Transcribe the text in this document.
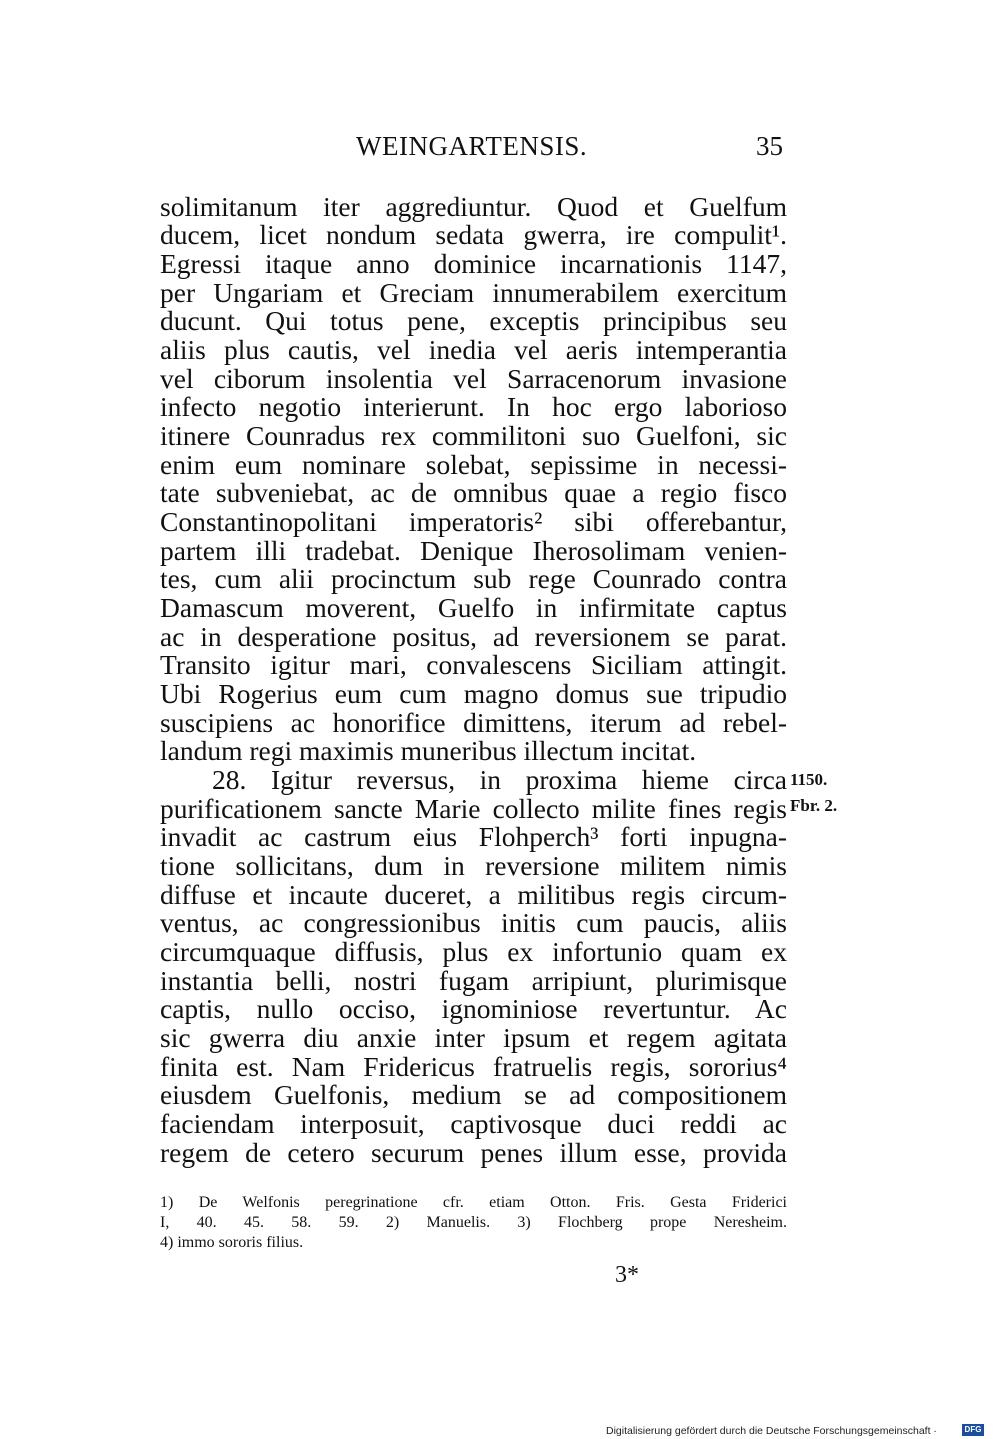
WEINGARTENSIS.	35
solimitanum iter aggrediuntur. Quod et Guelfum
ducem, licet nondum sedata gwerra, ire compulit¹.
Egressi itaque anno dominice incarnationis 1147,
per Ungariam et Greciam innumerabilem exercitum
ducunt. Qui totus pene, exceptis principibus seu
aliis plus cautis, vel inedia vel aeris intemperantia
vel ciborum insolentia vel Sarracenorum invasione
infecto negotio interierunt. In hoc ergo laborioso
itinere Counradus rex commilitoni suo Guelfoni, sic
enim eum nominare solebat, sepissime in necessi-
tate subveniebat, ac de omnibus quae a regio fisco
Constantinopolitani imperatoris² sibi offerebantur,
partem illi tradebat. Denique Iherosolimam venien-
tes, cum alii procinctum sub rege Counrado contra
Damascum moverent, Guelfo in infirmitate captus
ac in desperatione positus, ad reversionem se parat.
Transito igitur mari, convalescens Siciliam attingit.
Ubi Rogerius eum cum magno domus sue tripudio
suscipiens ac honorifice dimittens, iterum ad rebel-
landum regi maximis muneribus illectum incitat.
28. Igitur reversus, in proxima hieme circa
purificationem sancte Marie collecto milite fines regis
invadit ac castrum eius Flohperch³ forti inpugna-
tione sollicitans, dum in reversione militem nimis
diffuse et incaute duceret, a militibus regis circum-
ventus, ac congressionibus initis cum paucis, aliis
circumquaque diffusis, plus ex infortunio quam ex
instantia belli, nostri fugam arripiunt, plurimisque
captis, nullo occiso, ignominiose revertuntur. Ac
sic gwerra diu anxie inter ipsum et regem agitata
finita est. Nam Fridericus fratruelis regis, sororius⁴
eiusdem Guelfonis, medium se ad compositionem
faciendam interposuit, captivosque duci reddi ac
regem de cetero securum penes illum esse, provida
1150.
Fbr. 2.
1) De Welfonis peregrinatione cfr. etiam Otton. Fris. Gesta Friderici
I, 40. 45. 58. 59. 2) Manuelis. 3) Flochberg prope Neresheim.
4) immo sororis filius.
3*
Digitalisierung gefördert durch die Deutsche Forschungsgemeinschaft ·	DFG
